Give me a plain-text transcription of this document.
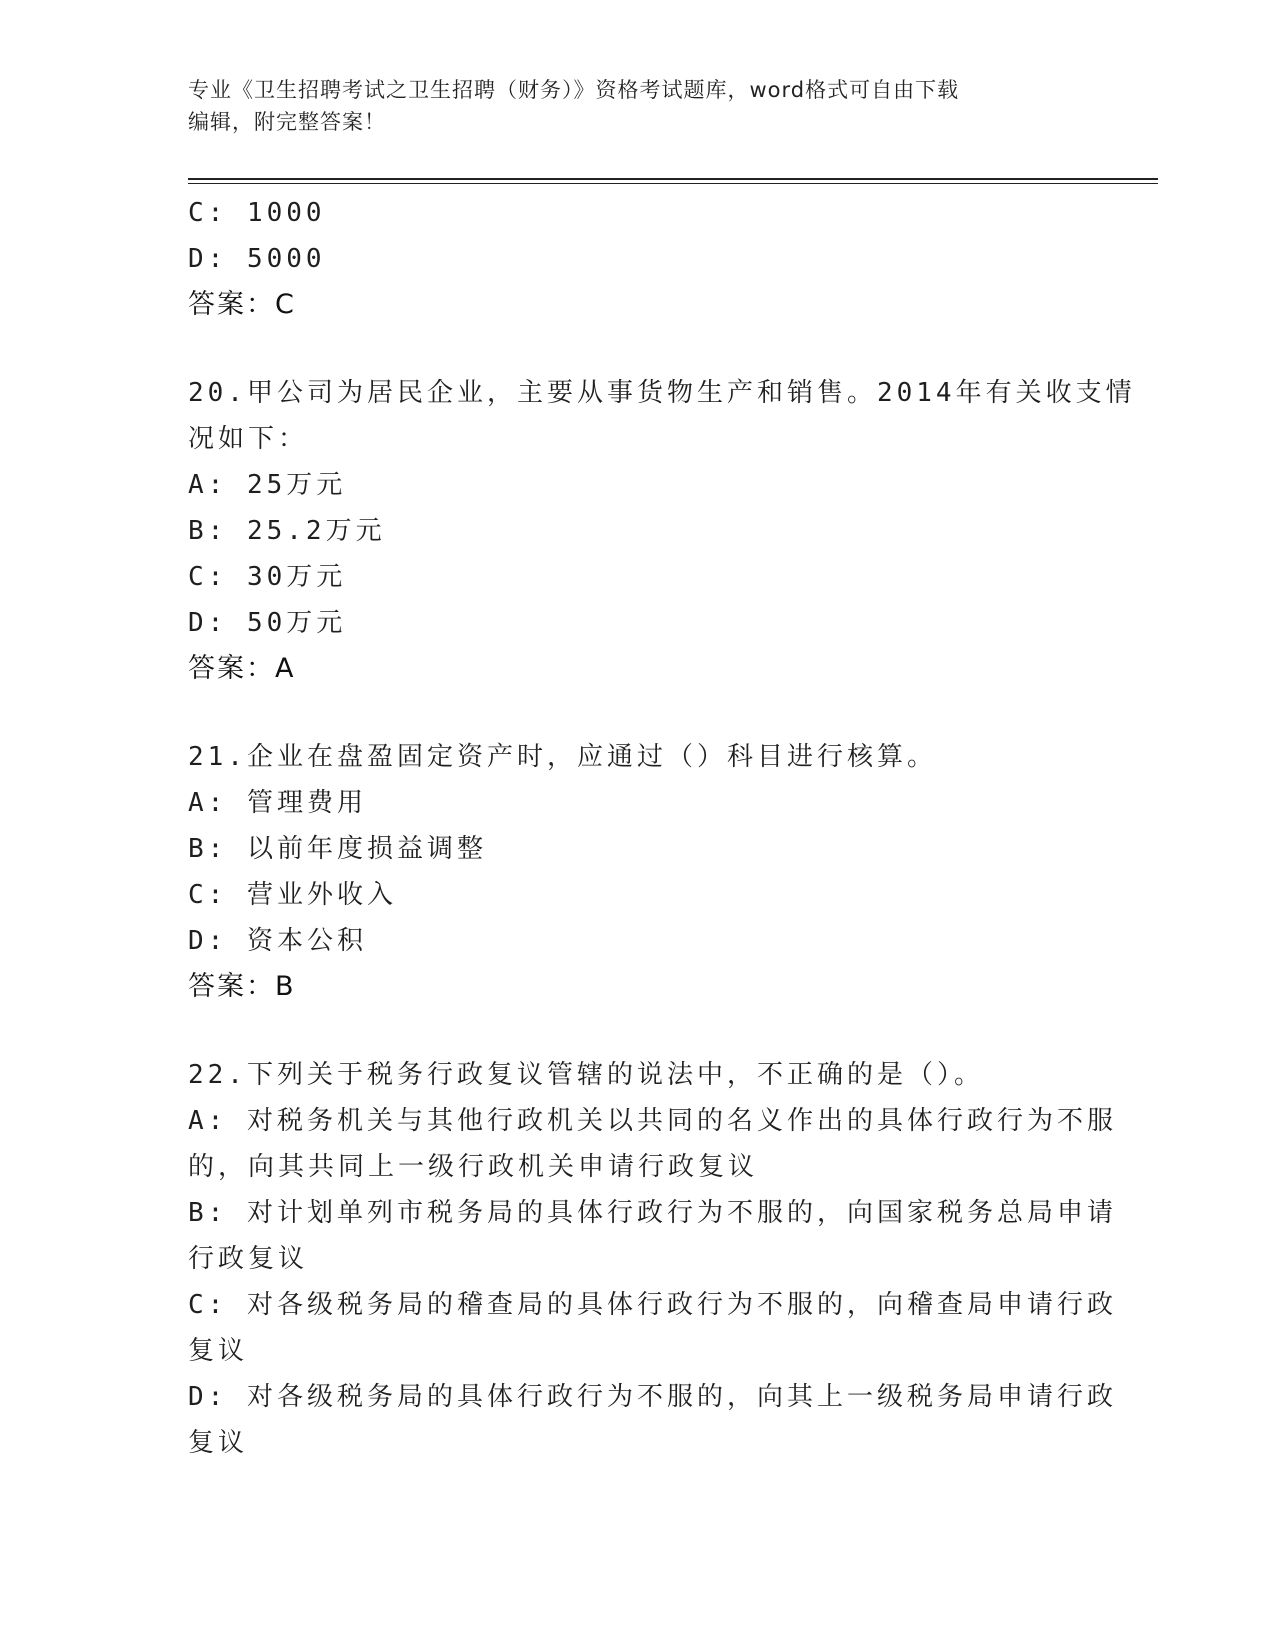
专业《卫生招聘考试之卫生招聘（财务）》资格考试题库，word格式可自由下载
编辑，附完整答案！
C: 1000
D: 5000
答案：C
20.甲公司为居民企业，主要从事货物生产和销售。2014年有关收支情
况如下：
A: 25万元
B: 25.2万元
C: 30万元
D: 50万元
答案：A
21.企业在盘盈固定资产时，应通过（）科目进行核算。
A: 管理费用
B: 以前年度损益调整
C: 营业外收入
D: 资本公积
答案：B
22.下列关于税务行政复议管辖的说法中，不正确的是（）。
A: 对税务机关与其他行政机关以共同的名义作出的具体行政行为不服
的，向其共同上一级行政机关申请行政复议
B: 对计划单列市税务局的具体行政行为不服的，向国家税务总局申请
行政复议
C: 对各级税务局的稽查局的具体行政行为不服的，向稽查局申请行政
复议
D: 对各级税务局的具体行政行为不服的，向其上一级税务局申请行政
复议
